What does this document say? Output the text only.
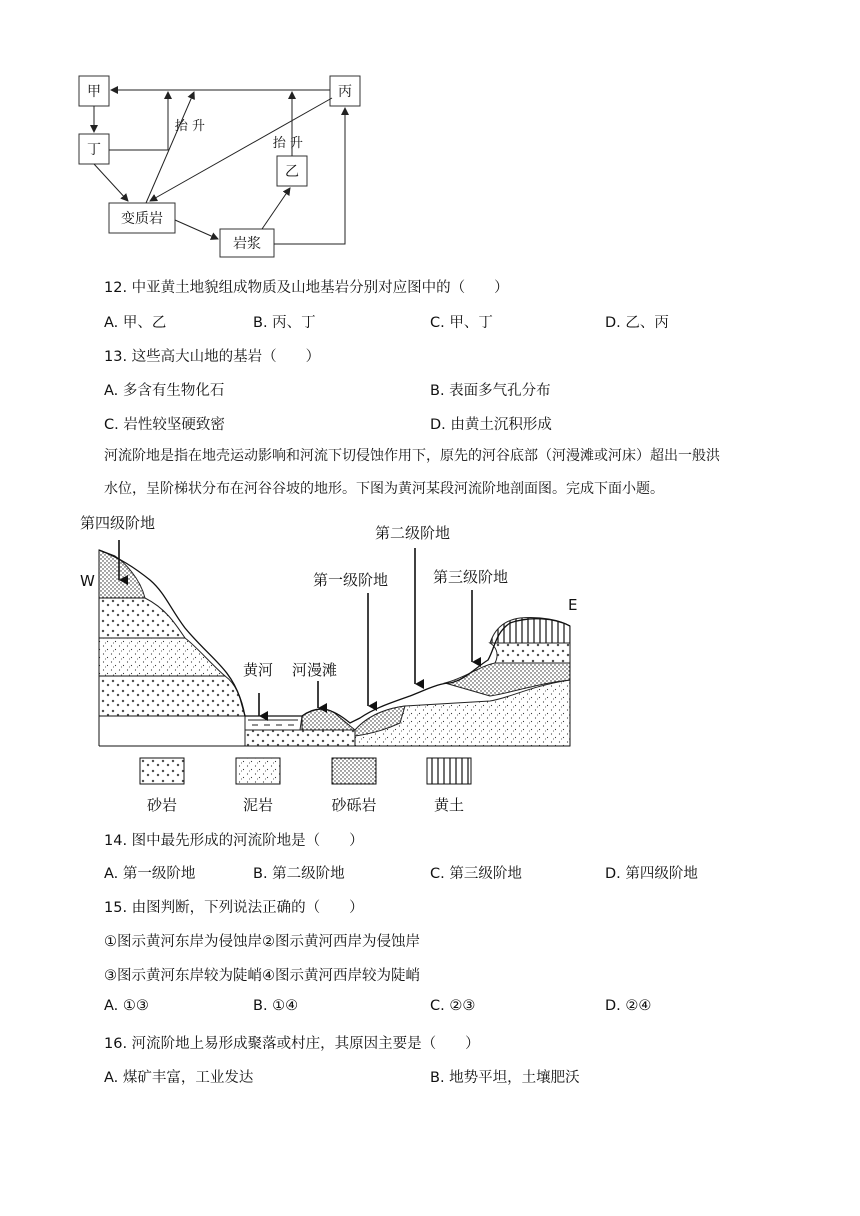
甲	丙
丁
乙
变质岩
岩浆
抬 升
抬 升
12. 中亚黄土地貌组成物质及山地基岩分别对应图中的（　　）
A. 甲、乙	B. 丙、丁	C. 甲、丁	D. 乙、丙
13. 这些高大山地的基岩（　　）
A. 多含有生物化石	B. 表面多气孔分布
C. 岩性较坚硬致密	D. 由黄土沉积形成
河流阶地是指在地壳运动影响和河流下切侵蚀作用下，原先的河谷底部（河漫滩或河床）超出一般洪
水位，呈阶梯状分布在河谷谷坡的地形。下图为黄河某段河流阶地剖面图。完成下面小题。
第四级阶地
W
第二级阶地
第一级阶地	第三级阶地
E
黄河 河漫滩
砂岩	泥岩	砂砾岩	黄土
14. 图中最先形成的河流阶地是（　　）
A. 第一级阶地	B. 第二级阶地	C. 第三级阶地	D. 第四级阶地
15. 由图判断，下列说法正确的（　　）
①图示黄河东岸为侵蚀岸②图示黄河西岸为侵蚀岸
③图示黄河东岸较为陡峭④图示黄河西岸较为陡峭
A. ①③	B. ①④	C. ②③	D. ②④
16. 河流阶地上易形成聚落或村庄，其原因主要是（　　）
A. 煤矿丰富，工业发达	B. 地势平坦，土壤肥沃
